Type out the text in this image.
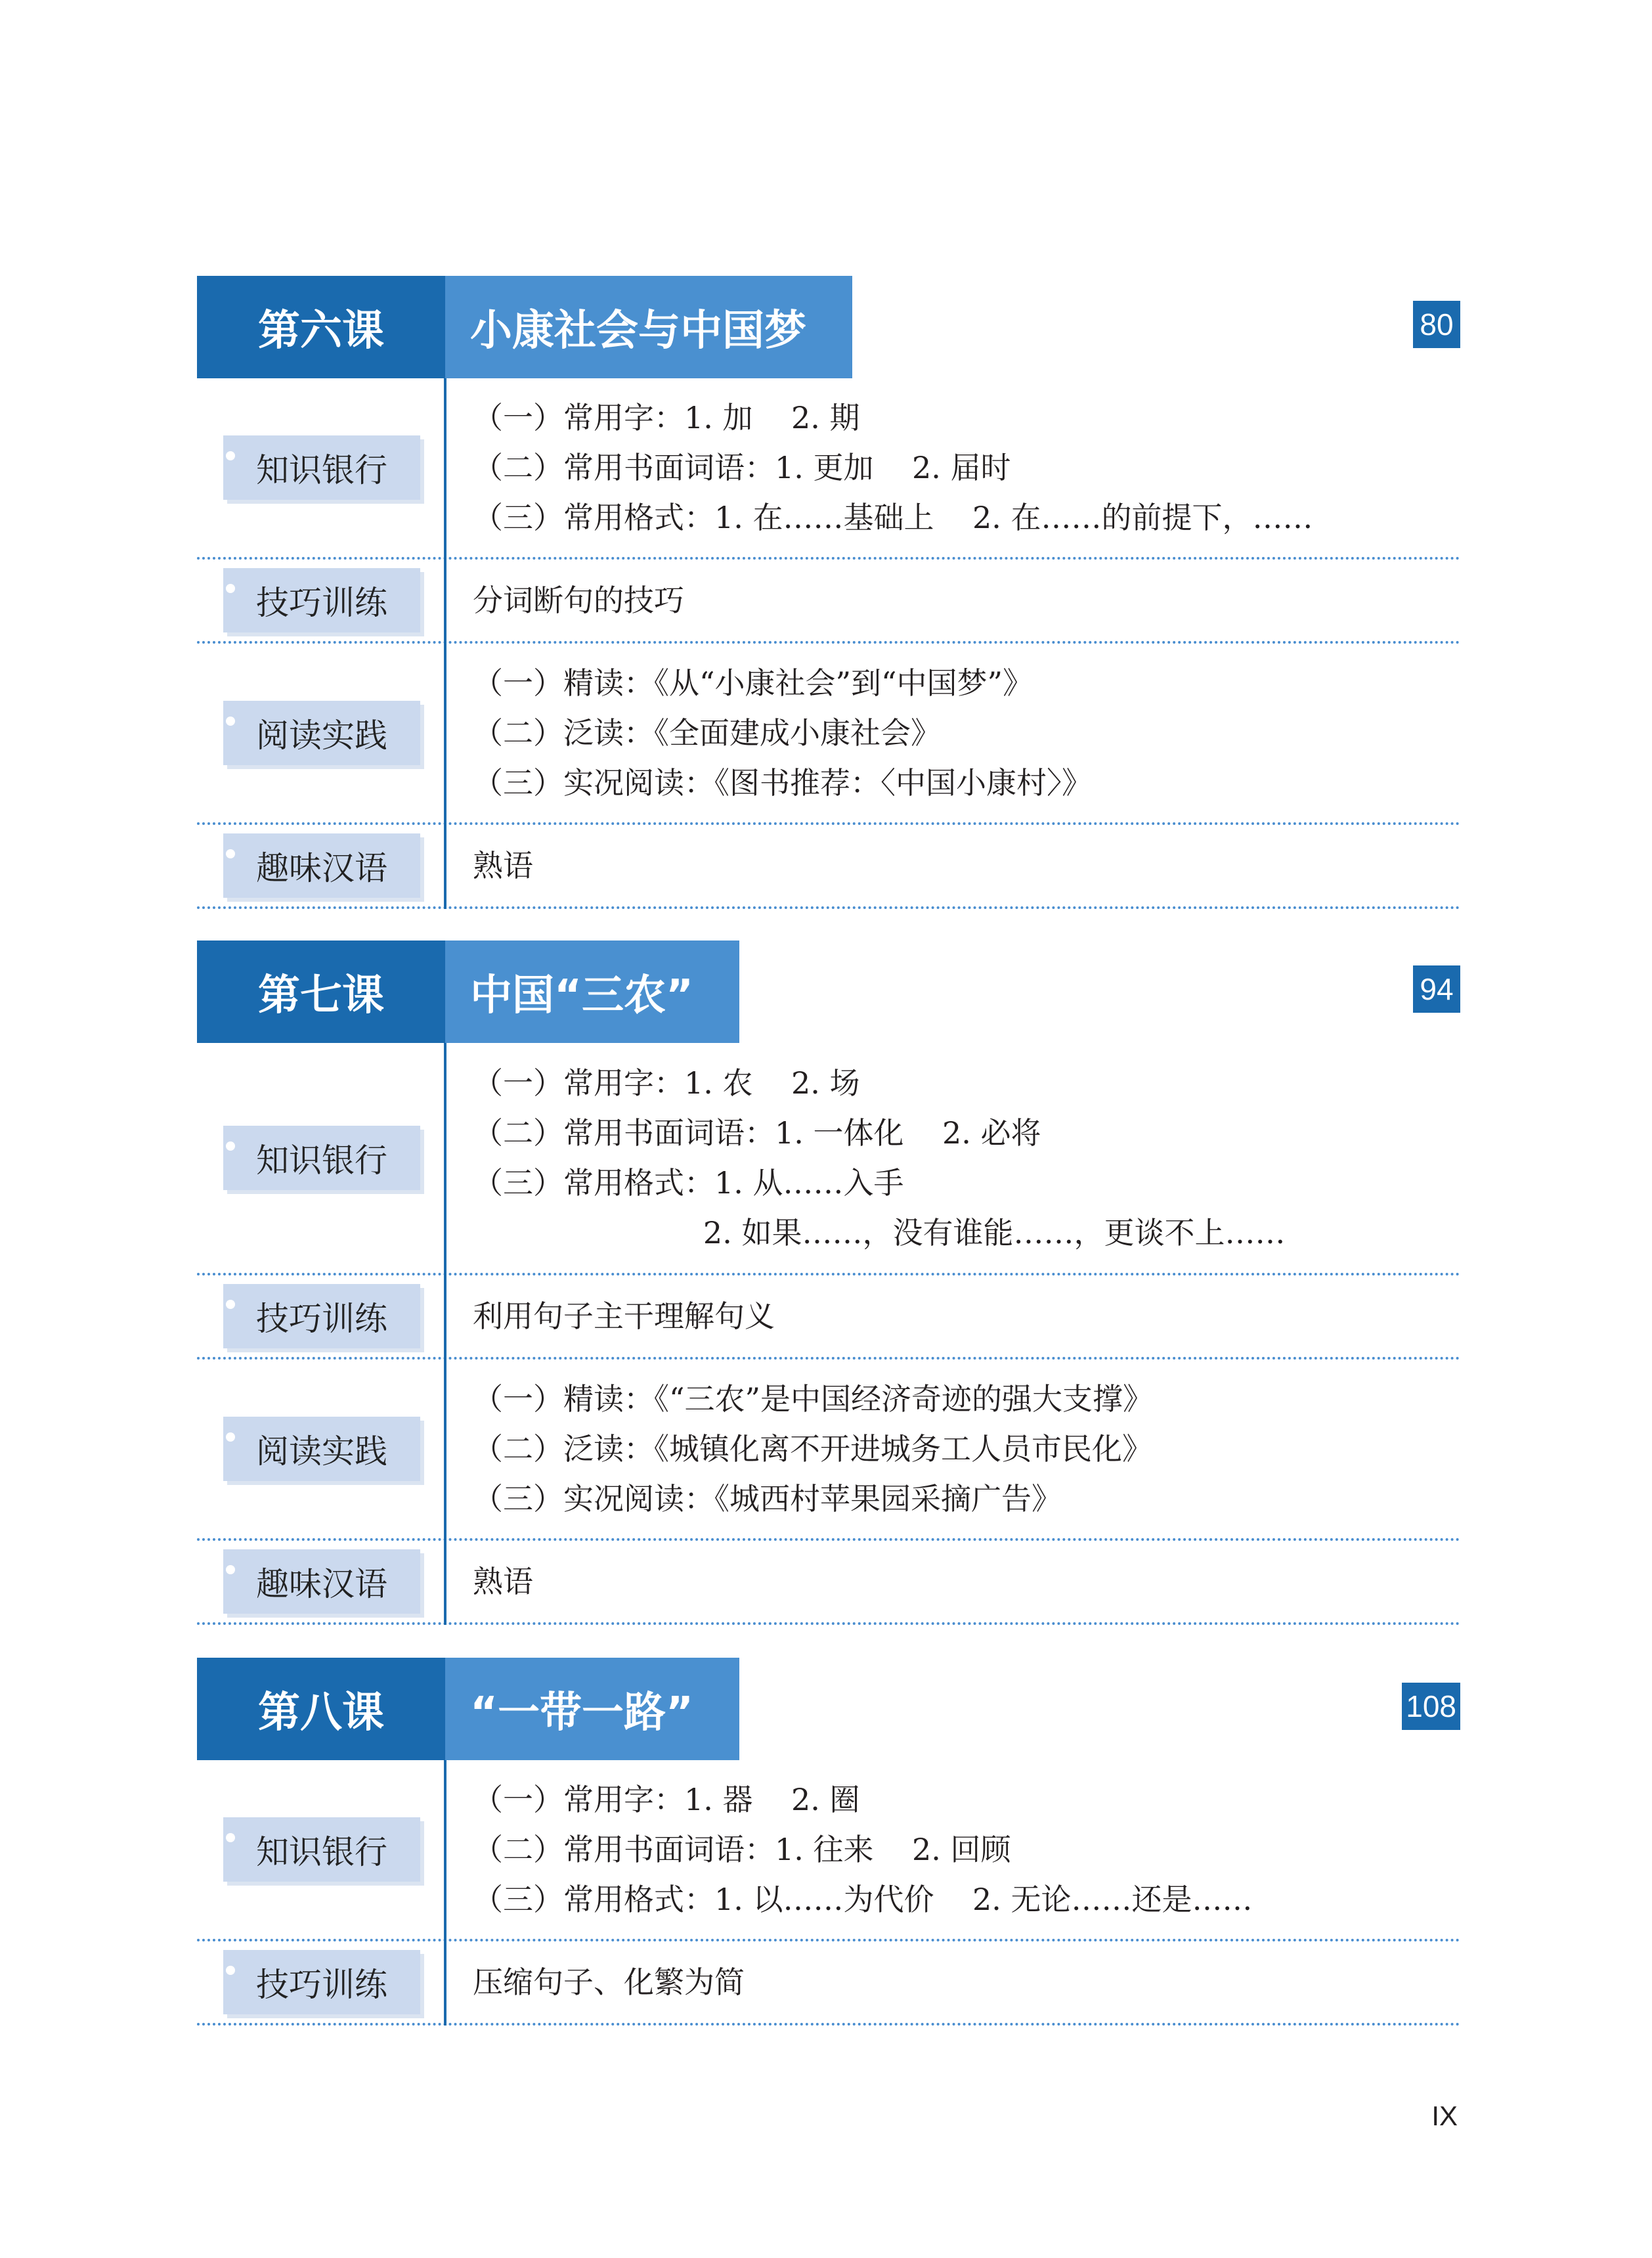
第六课	小康社会与中国梦	80
知识银行
（一）常用字：1. 加    2. 期
（二）常用书面词语：1. 更加    2. 届时
（三）常用格式：1. 在……基础上    2. 在……的前提下，……
技巧训练	分词断句的技巧
阅读实践
（一）精读：《从“小康社会”到“中国梦”》
（二）泛读：《全面建成小康社会》
（三）实况阅读：《图书推荐：〈中国小康村〉》
趣味汉语	熟语
第七课	中国“三农”	94
知识银行
（一）常用字：1. 农    2. 场
（二）常用书面词语：1. 一体化    2. 必将
（三）常用格式：1. 从……入手
2. 如果……，没有谁能……，更谈不上……
技巧训练	利用句子主干理解句义
阅读实践
（一）精读：《“三农”是中国经济奇迹的强大支撑》
（二）泛读：《城镇化离不开进城务工人员市民化》
（三）实况阅读：《城西村苹果园采摘广告》
趣味汉语	熟语
第八课	“一带一路”	108
知识银行
（一）常用字：1. 器    2. 圈
（二）常用书面词语：1. 往来    2. 回顾
（三）常用格式：1. 以……为代价    2. 无论……还是……
技巧训练	压缩句子、化繁为简
IX
